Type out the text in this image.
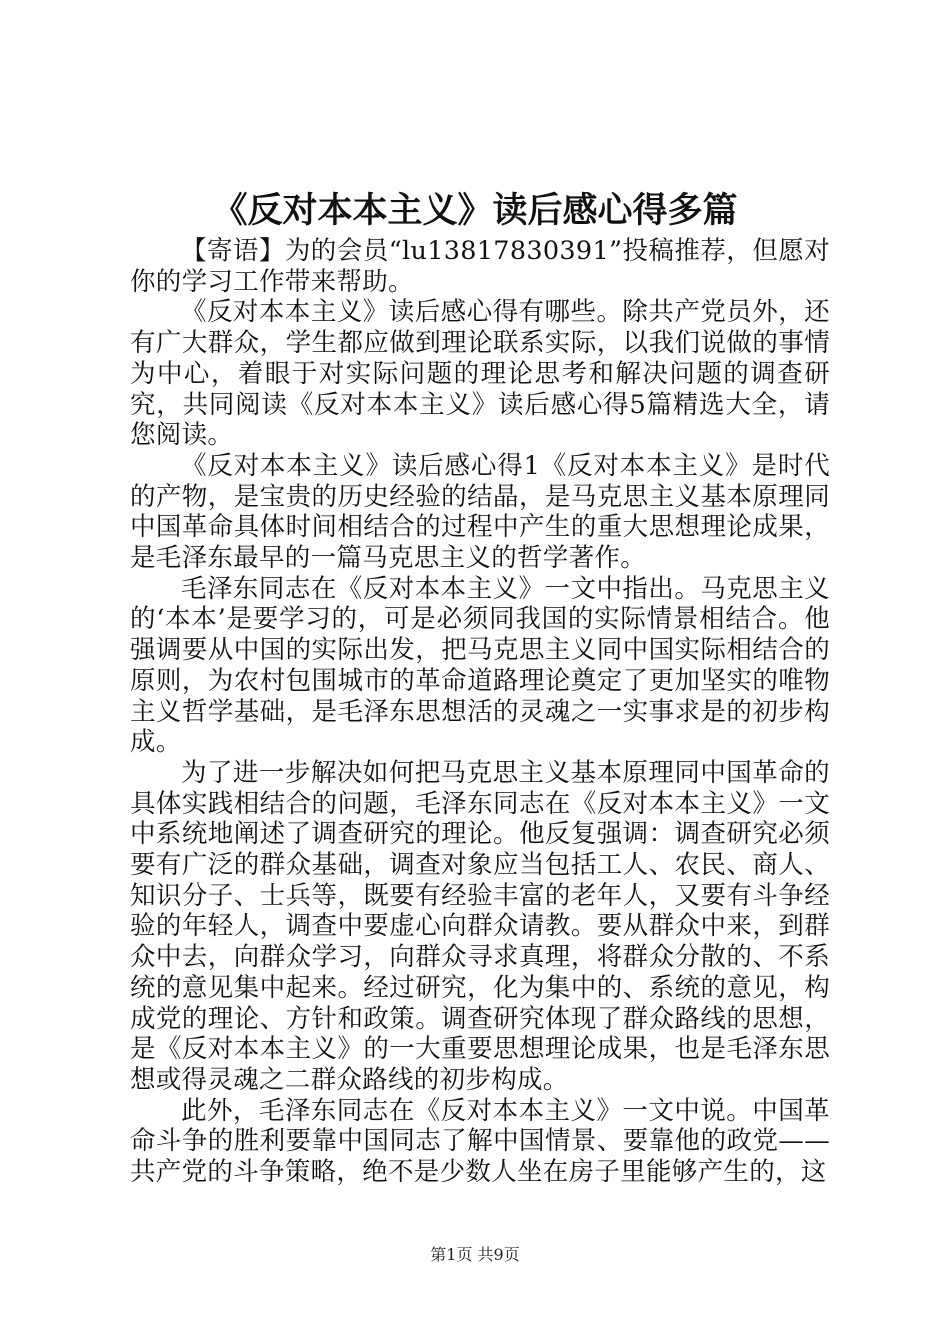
《反对本本主义》读后感心得多篇

【寄语】为的会员“lu13817830391”投稿推荐，但愿对你的学习工作带来帮助。

《反对本本主义》读后感心得有哪些。除共产党员外，还有广大群众，学生都应做到理论联系实际，以我们说做的事情为中心，着眼于对实际问题的理论思考和解决问题的调查研究，共同阅读《反对本本主义》读后感心得5篇精选大全，请您阅读。

《反对本本主义》读后感心得1《反对本本主义》是时代的产物，是宝贵的历史经验的结晶，是马克思主义基本原理同中国革命具体时间相结合的过程中产生的重大思想理论成果，是毛泽东最早的一篇马克思主义的哲学著作。

毛泽东同志在《反对本本主义》一文中指出。马克思主义的‘本本’是要学习的，可是必须同我国的实际情景相结合。他强调要从中国的实际出发，把马克思主义同中国实际相结合的原则，为农村包围城市的革命道路理论奠定了更加坚实的唯物主义哲学基础，是毛泽东思想活的灵魂之一实事求是的初步构成。

为了进一步解决如何把马克思主义基本原理同中国革命的具体实践相结合的问题，毛泽东同志在《反对本本主义》一文中系统地阐述了调查研究的理论。他反复强调：调查研究必须要有广泛的群众基础，调查对象应当包括工人、农民、商人、知识分子、士兵等，既要有经验丰富的老年人，又要有斗争经验的年轻人，调查中要虚心向群众请教。要从群众中来，到群众中去，向群众学习，向群众寻求真理，将群众分散的、不系统的意见集中起来。经过研究，化为集中的、系统的意见，构成党的理论、方针和政策。调查研究体现了群众路线的思想，是《反对本本主义》的一大重要思想理论成果，也是毛泽东思想或得灵魂之二群众路线的初步构成。

此外，毛泽东同志在《反对本本主义》一文中说。中国革命斗争的胜利要靠中国同志了解中国情景、要靠他的政党——共产党的斗争策略，绝不是少数人坐在房子里能够产生的，这

第1页 共9页
